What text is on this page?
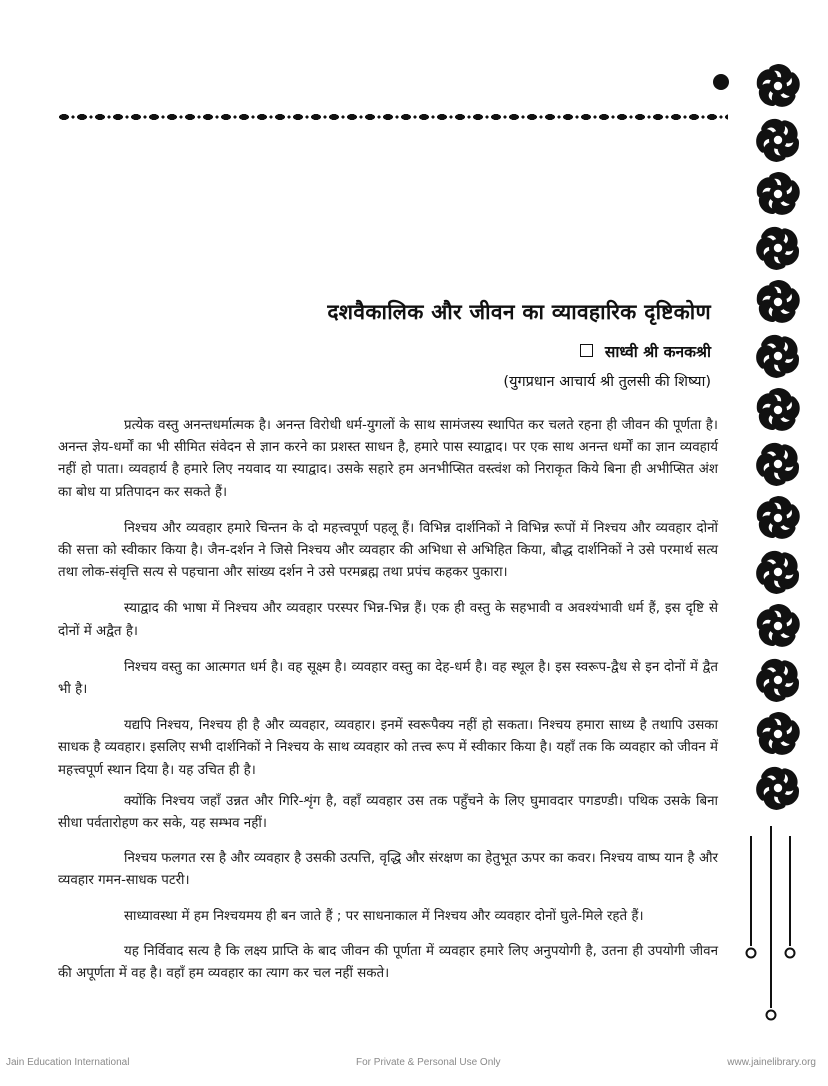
दशवैकालिक और जीवन का व्यावहारिक दृष्टिकोण
साध्वी श्री कनकश्री
(युगप्रधान आचार्य श्री तुलसी की शिष्या)

प्रत्येक वस्तु अनन्तधर्मात्मक है। अनन्त विरोधी धर्म-युगलों के साथ सामंजस्य स्थापित कर चलते रहना ही जीवन की पूर्णता है। अनन्त ज्ञेय-धर्मों का भी सीमित संवेदन से ज्ञान करने का प्रशस्त साधन है, हमारे पास स्याद्वाद। पर एक साथ अनन्त धर्मों का ज्ञान व्यवहार्य नहीं हो पाता। व्यवहार्य है हमारे लिए नयवाद या स्याद्वाद। उसके सहारे हम अनभीप्सित वस्त्वंश को निराकृत किये बिना ही अभीप्सित अंश का बोध या प्रतिपादन कर सकते हैं।

निश्चय और व्यवहार हमारे चिन्तन के दो महत्त्वपूर्ण पहलू हैं। विभिन्न दार्शनिकों ने विभिन्न रूपों में निश्चय और व्यवहार दोनों की सत्ता को स्वीकार किया है। जैन-दर्शन ने जिसे निश्चय और व्यवहार की अभिधा से अभिहित किया, बौद्ध दार्शनिकों ने उसे परमार्थ सत्य तथा लोक-संवृत्ति सत्य से पहचाना और सांख्य दर्शन ने उसे परमब्रह्म तथा प्रपंच कहकर पुकारा।

स्याद्वाद की भाषा में निश्चय और व्यवहार परस्पर भिन्न-भिन्न हैं। एक ही वस्तु के सहभावी व अवश्यंभावी धर्म हैं, इस दृष्टि से दोनों में अद्वैत है।

निश्चय वस्तु का आत्मगत धर्म है। वह सूक्ष्म है। व्यवहार वस्तु का देह-धर्म है। वह स्थूल है। इस स्वरूप-द्वैध से इन दोनों में द्वैत भी है।

यद्यपि निश्चय, निश्चय ही है और व्यवहार, व्यवहार। इनमें स्वरूपैक्य नहीं हो सकता। निश्चय हमारा साध्य है तथापि उसका साधक है व्यवहार। इसलिए सभी दार्शनिकों ने निश्चय के साथ व्यवहार को तत्त्व रूप में स्वीकार किया है। यहाँ तक कि व्यवहार को जीवन में महत्त्वपूर्ण स्थान दिया है। यह उचित ही है।

क्योंकि निश्चय जहाँ उन्नत और गिरि-शृंग है, वहाँ व्यवहार उस तक पहुँचने के लिए घुमावदार पगडण्डी। पथिक उसके बिना सीधा पर्वतारोहण कर सके, यह सम्भव नहीं।

निश्चय फलगत रस है और व्यवहार है उसकी उत्पत्ति, वृद्धि और संरक्षण का हेतुभूत ऊपर का कवर। निश्चय वाष्प यान है और व्यवहार गमन-साधक पटरी।

साध्यावस्था में हम निश्चयमय ही बन जाते हैं ; पर साधनाकाल में निश्चय और व्यवहार दोनों घुले-मिले रहते हैं।

यह निर्विवाद सत्य है कि लक्ष्य प्राप्ति के बाद जीवन की पूर्णता में व्यवहार हमारे लिए अनुपयोगी है, उतना ही उपयोगी जीवन की अपूर्णता में वह है। वहाँ हम व्यवहार का त्याग कर चल नहीं सकते।

Jain Education International	For Private & Personal Use Only	www.jainelibrary.org
